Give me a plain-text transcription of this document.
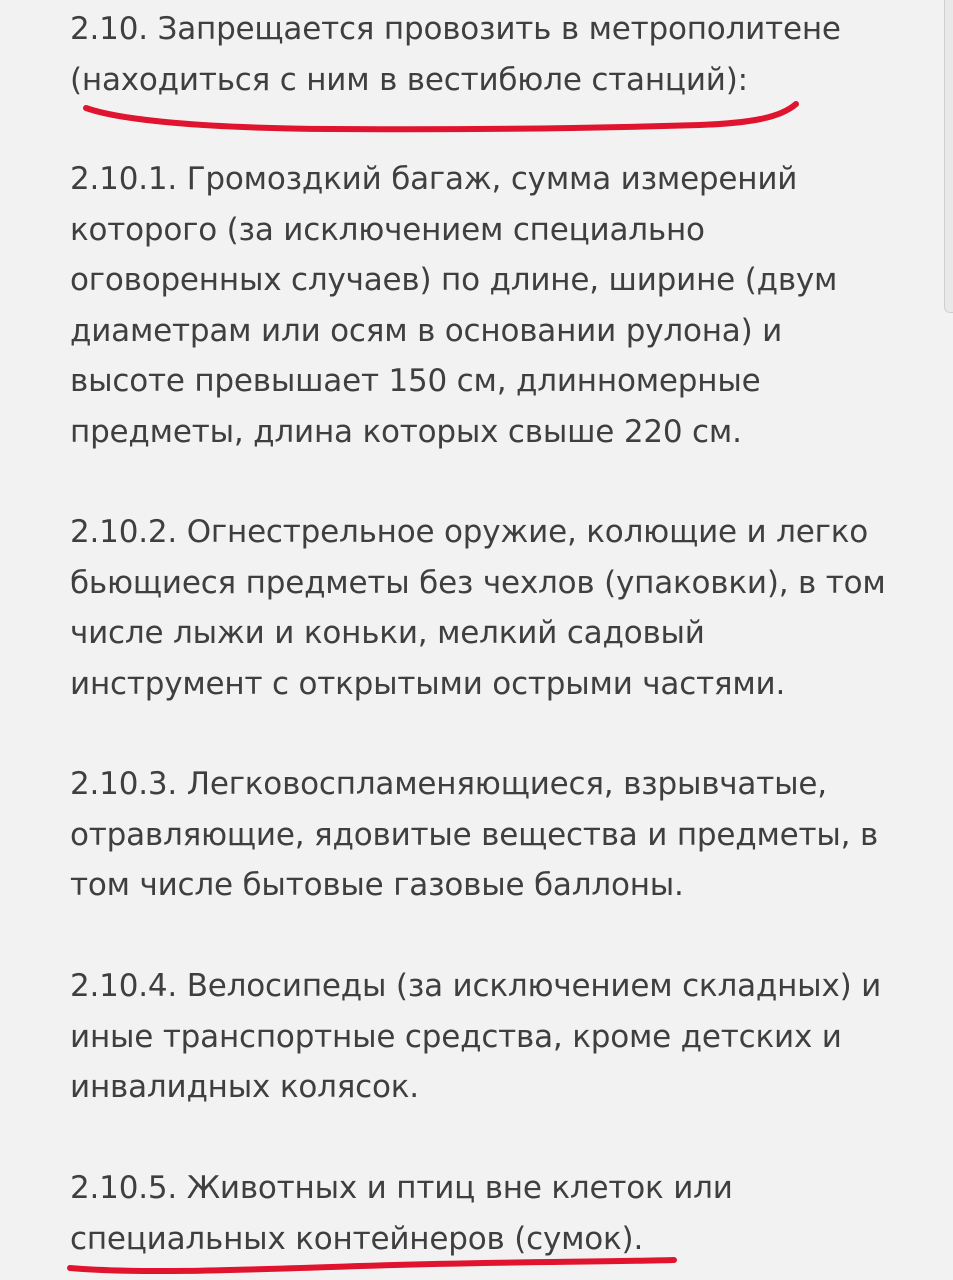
2.10. Запрещается провозить в метрополитене
(находиться с ним в вестибюле станций):

2.10.1. Громоздкий багаж, сумма измерений
которого (за исключением специально
оговоренных случаев) по длине, ширине (двум
диаметрам или осям в основании рулона) и
высоте превышает 150 см, длинномерные
предметы, длина которых свыше 220 см.

2.10.2. Огнестрельное оружие, колющие и легко
бьющиеся предметы без чехлов (упаковки), в том
числе лыжи и коньки, мелкий садовый
инструмент с открытыми острыми частями.

2.10.3. Легковоспламеняющиеся, взрывчатые,
отравляющие, ядовитые вещества и предметы, в
том числе бытовые газовые баллоны.

2.10.4. Велосипеды (за исключением складных) и
иные транспортные средства, кроме детских и
инвалидных колясок.

2.10.5. Животных и птиц вне клеток или
специальных контейнеров (сумок).
